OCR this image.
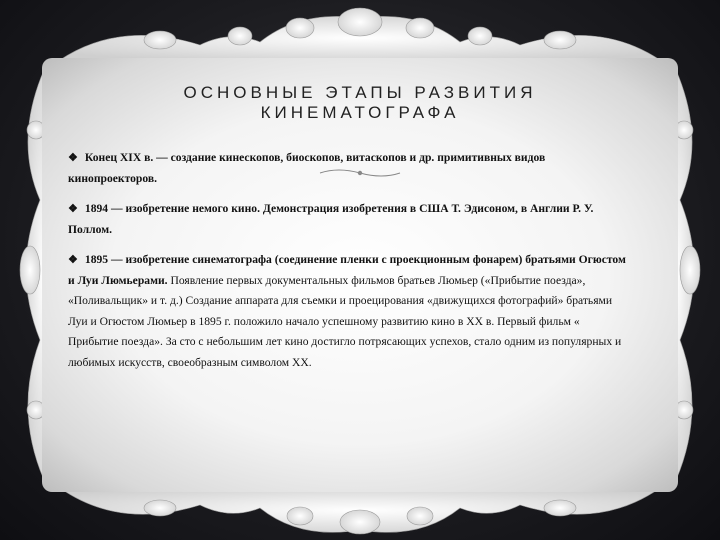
ОСНОВНЫЕ ЭТАПЫ РАЗВИТИЯ
КИНЕМАТОГРАФА

❖ Конец XIX в. — создание кинескопов, биоскопов, витаскопов и др. примитивных видов кинопроекторов.

❖ 1894 — изобретение немого кино. Демонстрация изобретения в США Т. Эдисоном, в Англии Р. У. Поллом.

❖ 1895 — изобретение синематографа (соединение пленки с проекционным фонарем) братьями Огюстом и Луи Люмьерами. Появление первых документальных фильмов братьев Люмьер («Прибытие поезда», «Поливальщик» и т. д.) Создание аппарата для съемки и проецирования «движущихся фотографий» братьями Луи и Огюстом Люмьер в 1895 г. положило начало успешному развитию кино в XX в. Первый фильм « Прибытие поезда». За сто с небольшим лет кино достигло потрясающих успехов, стало одним из популярных и любимых искусств, своеобразным символом XX.
